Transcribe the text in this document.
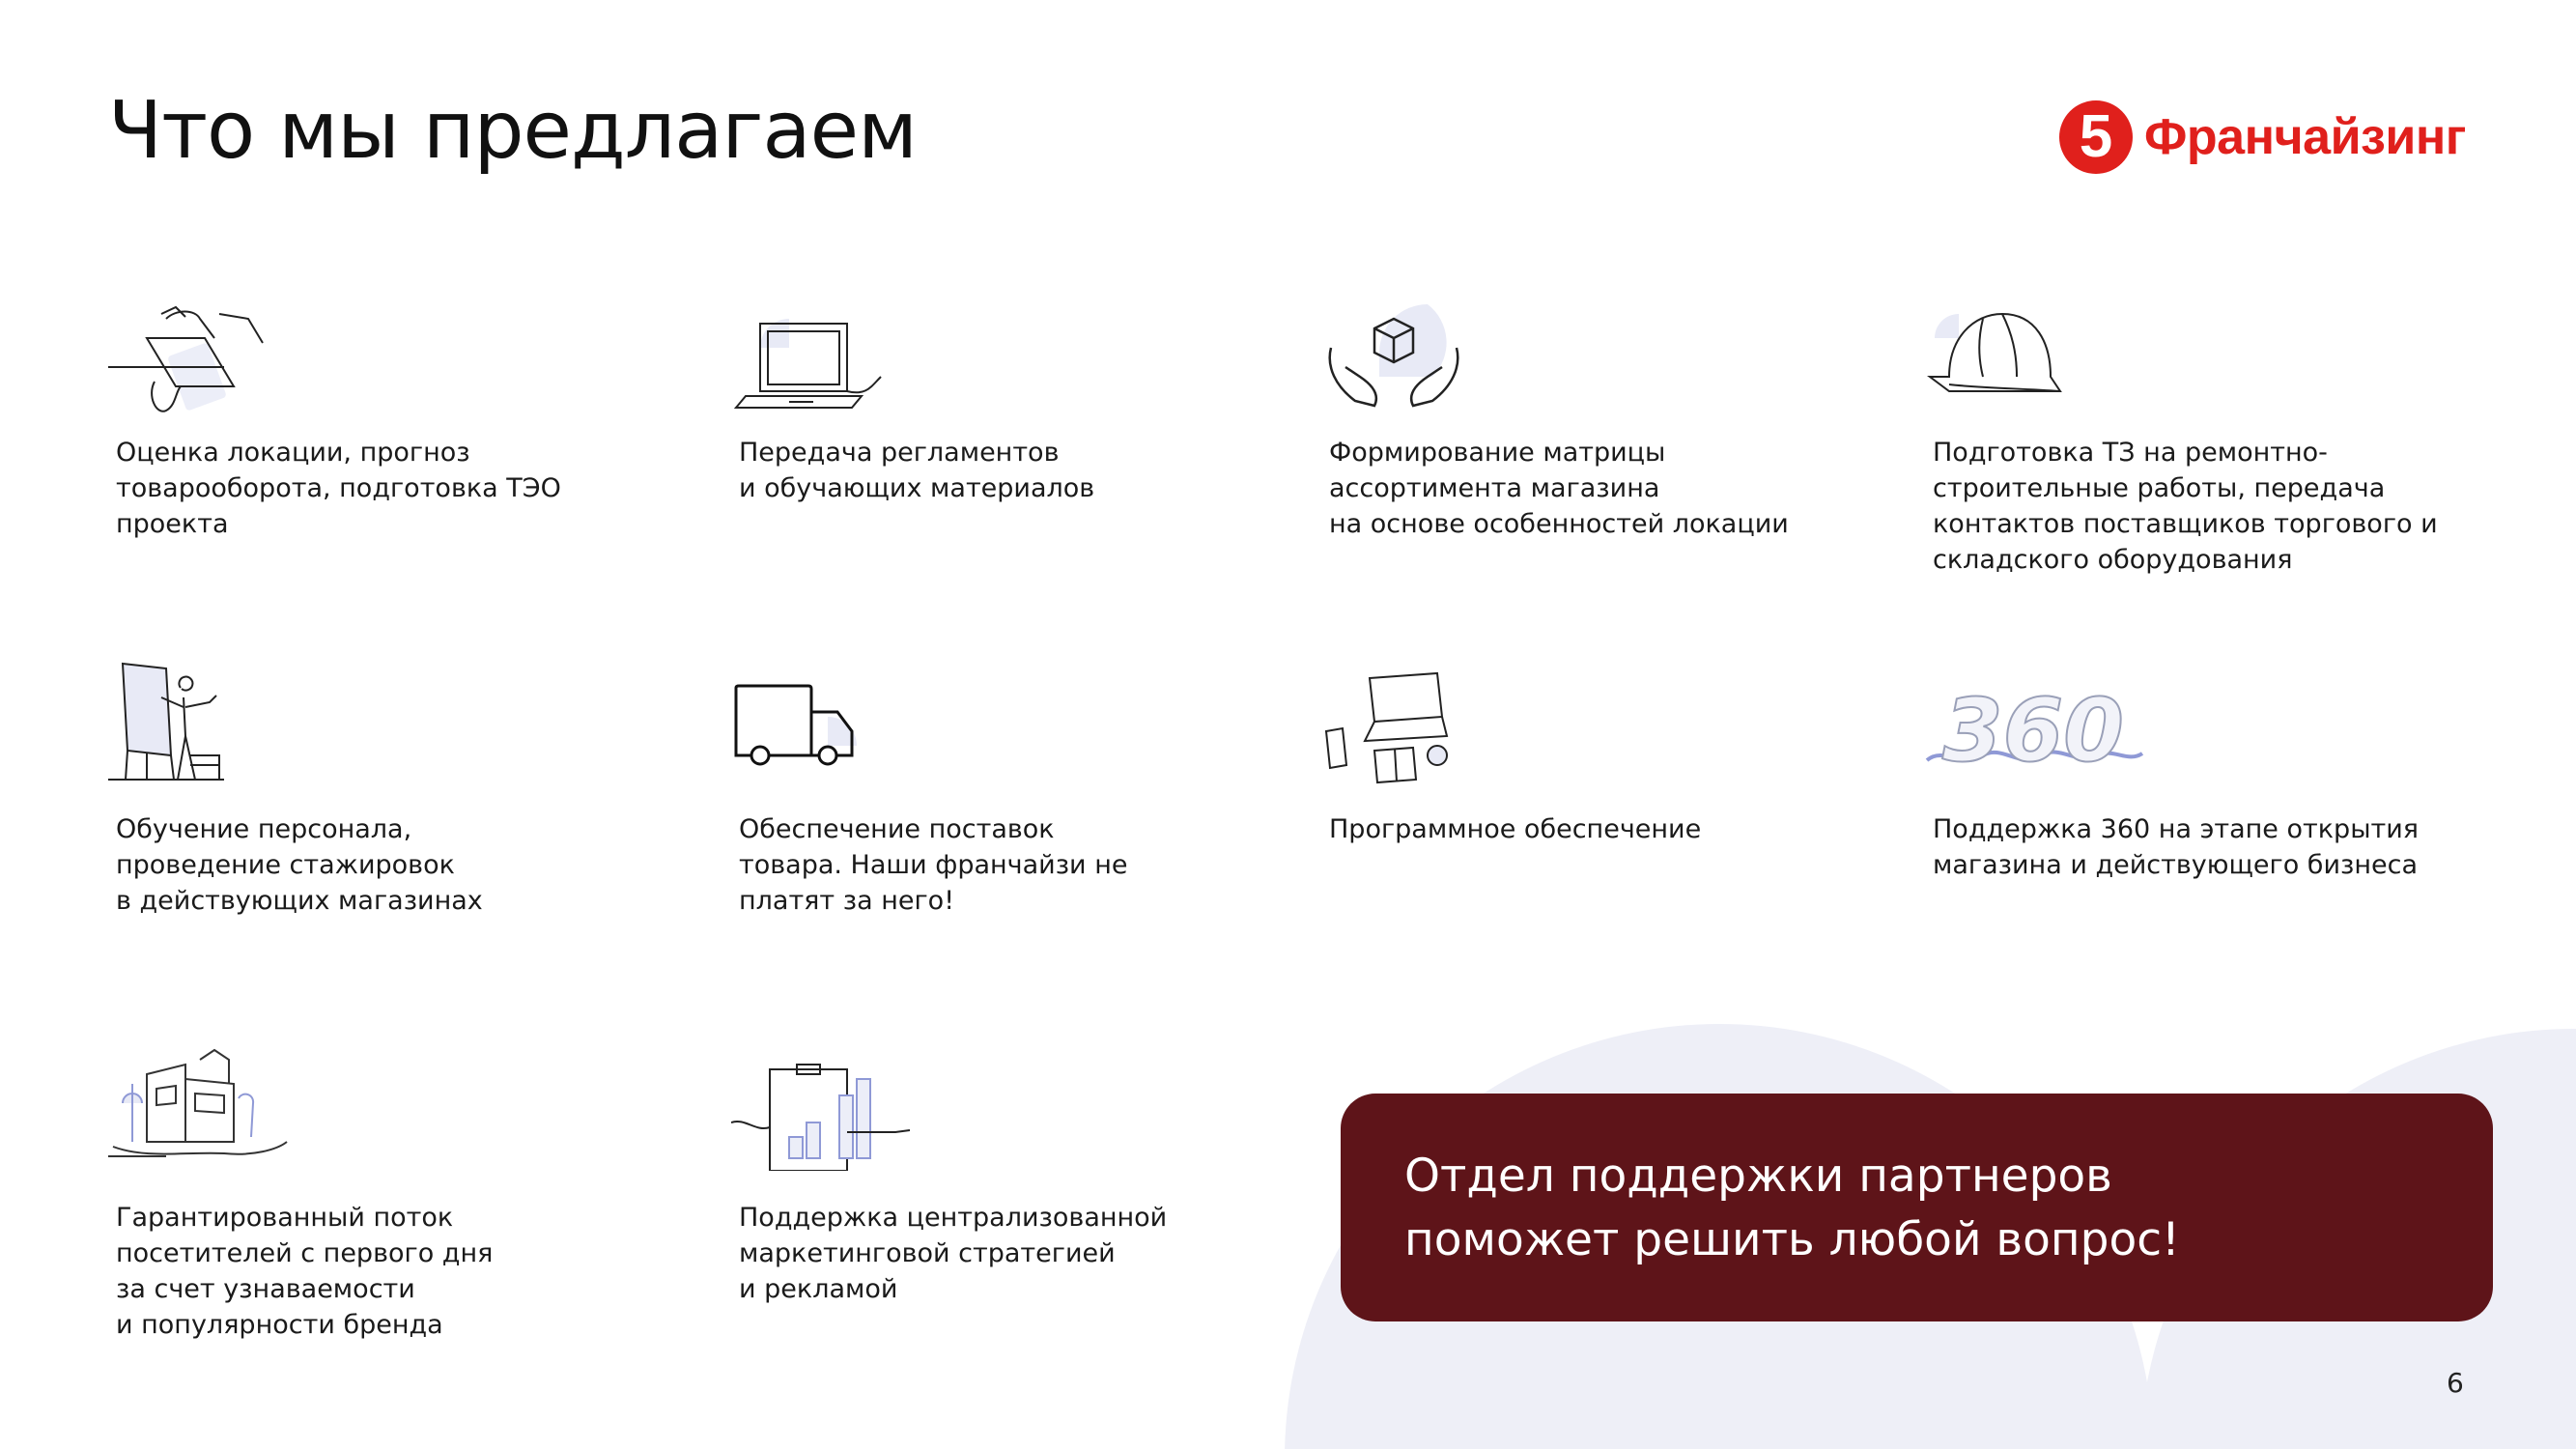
Что мы предлагаем	5 Франчайзинг
Оценка локации, прогноз
товарооборота, подготовка ТЭО
проекта
Передача регламентов
и обучающих материалов
Формирование матрицы
ассортимента магазина
на основе особенностей локации
Подготовка ТЗ на ремонтно-
строительные работы, передача
контактов поставщиков торгового и
складского оборудования
Обучение персонала,
проведение стажировок
в действующих магазинах
Обеспечение поставок
товара. Наши франчайзи не
платят за него!
Программное обеспечение
360
Поддержка 360 на этапе открытия
магазина и действующего бизнеса
Гарантированный поток
посетителей с первого дня
за счет узнаваемости
и популярности бренда
Поддержка централизованной
маркетинговой стратегией
и рекламой
Отдел поддержки партнеров
поможет решить любой вопрос!
6
